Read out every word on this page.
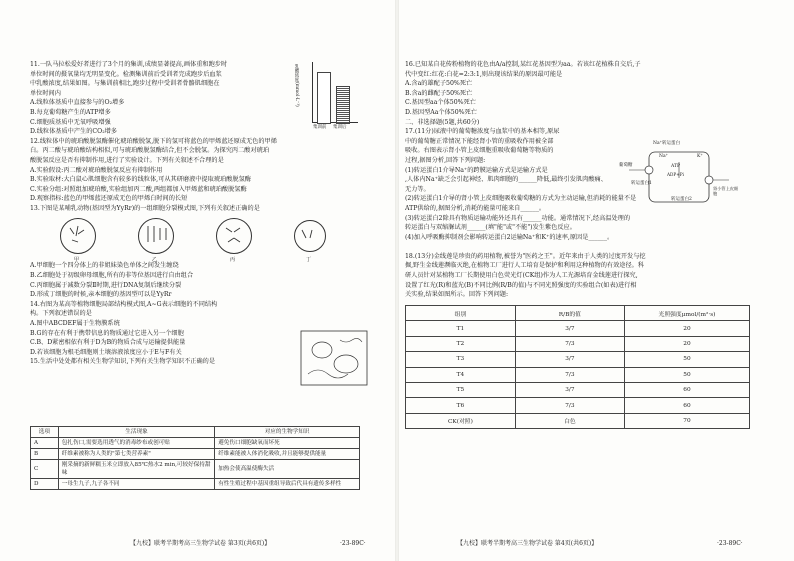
11.一队马拉松爱好者进行了3个月的集训,成绩显著提高,画体重和跑步时
单位时间的摄氧量均无明显变化。检测集训前后受训者完成跑步后血浆
中乳酸浓度,结果如图。与集训前相比,跑步过程中受训者骨骼肌细胞在
单位时间内
A.线粒体基质中直接参与的O₂增多
B.每克葡萄糖产生的ATP增多
C.细胞质基质中无氧呼吸增强
D.线粒体基质中产生的CO₂增多
12.线粒体中的琥珀酸脱氢酶催化琥珀酸脱氢,脱下的氢可将蓝色的甲烯蓝还原成无色的甲烯
白。丙二酸与琥珀酸结构相似,可与琥珀酸脱氢酶结合,但不会脱氢。为探究丙二酸对琥珀
酸脱氢反应是否有抑制作用,进行了实验设计。下列有关叙述不合理的是
A.实验假设:丙二酸对琥珀酸脱氢反应有抑制作用
B.实验取材:大白鼠心肌细胞含有较多的线粒体,可从其研磨液中提取琥珀酸脱氢酶
C.实验分组:对照组加琥珀酸,实验组加丙二酸,两组都加入甲烯蓝和琥珀酸脱氢酶
D.观察指标:蓝色的甲烯蓝还原成无色的甲烯白时间的长短
13.下图是某哺乳动物(基因型为YyRr)的一组细胞分裂模式图,下列有关叙述正确的是
A.甲细胞一个四分体上的非姐妹染色单体之间发生缠绕
B.乙细胞处于初级卵母细胞,所有的非等位基因进行自由组合
C.丙细胞属于减数分裂Ⅱ时期,进行DNA复制后继续分裂
D.形成丁细胞的时候,亲本细胞的基因型可以是YyRr
14.右图为某高等植物细胞局部结构模式图,A~G表示细胞的不同结构
构。下列叙述错误的是
A.图中ABCDEF属于生物膜系统
B.G的存在有利于携带信息的物质通过它进入另一个细胞
C.B、D紧密相依有利于D为B的物质合成与运输提供能量
D.若该细胞为根毛细胞则土壤溶液浓度应小于E与F有关
15.生活中处处都有相关生物学知识,下列有关生物学知识不正确的是
乳酸浓度(mmol·L⁻¹)
集训前 集训后
甲	乙	丙	丁
选项	生活现象	对应的生物学知识
A	包扎伤口,需要选用透气的消毒纱布或创可贴	避免伤口细胞缺氧而坏死
B	纤维素被称为人类的"第七类营养素"	纤维素能被人体消化吸收,并且能够提供能量
C	刚采摘的新鲜糯玉米立即放入85℃热水2 min,可较好保持甜味	加热会使高温使酶失活
D	一母生九子,九子各不同	有性生殖过程中基因重组导致后代具有遗传多样性
【九校】联考半期考高三生物学试卷 第3页(共6页)】	·23-89C·
16.已知某自花传粉植物的花色由A/a控制,某红花基因型为aa。若该红花植株自交后,子
代中变红:红花:白花=2:3:1,则出现该结果的原因最可能是
A.含a的雄配子50%死亡
B.含a的雌配子50%死亡
C.基因型aa个体50%死亡
D.基因型Aa个体50%死亡
二、非选择题(5题,共60分)
17.(11分)尿液中的葡萄糖浓度与血浆中的基本相等,原尿
中的葡萄糖正常情况下能经肾小管的重吸收作用被全部
吸收。右图表示肾小管上皮细胞重吸收葡萄糖等物质的
过程,据图分析,回答下列问题:
(1)转运蛋白1介导Na⁺的跨膜运输方式是运输方式是
,人体内Na⁺缺乏会引起神经、肌肉细胞的______降低,最终引发肌肉酸痛、
无力等。
(2)转运蛋白1介导的肾小管上皮细胞吸收葡萄糖的方式为主动运输,但消耗的能量不是
ATP供给的,据图分析,消耗的能量可能来自______。
(3)转运蛋白2除具有物质运输功能外还具有______功能。通常情况下,经高温处理的
转运蛋白与双缩脲试剂______(填"能"或"不能")发生紫色反应。
(4)加入呼吸酶抑制剂会影响转运蛋白2运输Na⁺和K⁺的速率,原因是______。
18.(13分)金线莲是珍贵的药用植物,被誉为"医药之王"。近年来由于人类的过度开发与挖
掘,野生金线莲濒临灭绝,在植物工厂进行人工培育是保护和利用这种植物的有效途径。科
研人员针对某植物工厂长期使用白色荧光灯(CK组)作为人工光源培育金线莲进行探究,
设置了红光(R)和蓝光(B)不同比例(R/B的值)与不同光照强度的实验组合(如表)进行相
关实验,结果如图所示。回答下列问题:
Na⁺转运蛋白
葡萄糖
转运蛋白1
转运蛋白2
肾小管上皮细胞
ATP
ADP+Pi
K⁺
Na⁺
组别	R/B的值	光照强度μmol/(m²·s)
T1	3/7	20
T2	7/3	20
T3	3/7	50
T4	7/3	50
T5	3/7	60
T6	7/3	60
CK(对照)	白色	70
【九校】联考半期考高三生物学试卷 第4页(共6页)】	·23-89C·
